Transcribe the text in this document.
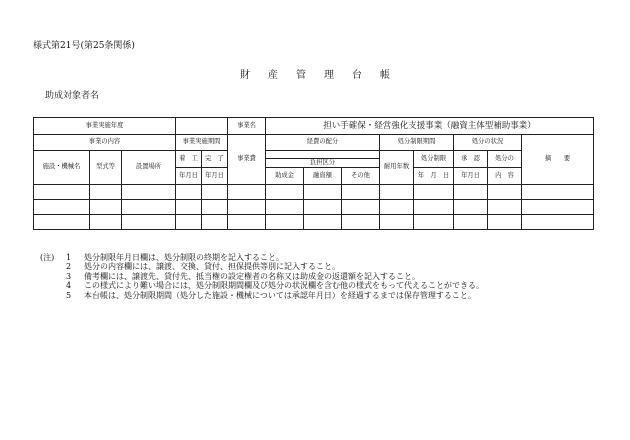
様式第21号(第25条関係)
財産管理台帳
助成対象者名
事業実施年度					事業名	担い手確保・経営強化支援事業（融資主体型補助事業）							
事業の内容			事業実施期間		事業費	経費の配分			処分制限期間		処分の状況		摘　　要
施設・機械名	型式等	設置場所	着　工	完　了					耐用年数	処分制限	承　認	処分の	
						負担区分							
			年月日	年月日		助成金	融資額	その他		年　月　日	年月日	内　容	

(注) 1 処分制限年月日欄は、処分制限の終期を記入すること。
2 処分の内容欄には、譲渡、交換、貸付、担保提供等別に記入すること。
3 備考欄には、譲渡先、貸付先、抵当権の設定権者の名称又は助成金の返還額を記入すること。
4 この様式により難い場合には、処分制限期間欄及び処分の状況欄を含む他の様式をもって代えることができる。
5 本台帳は、処分制限期間（処分した施設・機械については承認年月日）を経過するまでは保存管理すること。
